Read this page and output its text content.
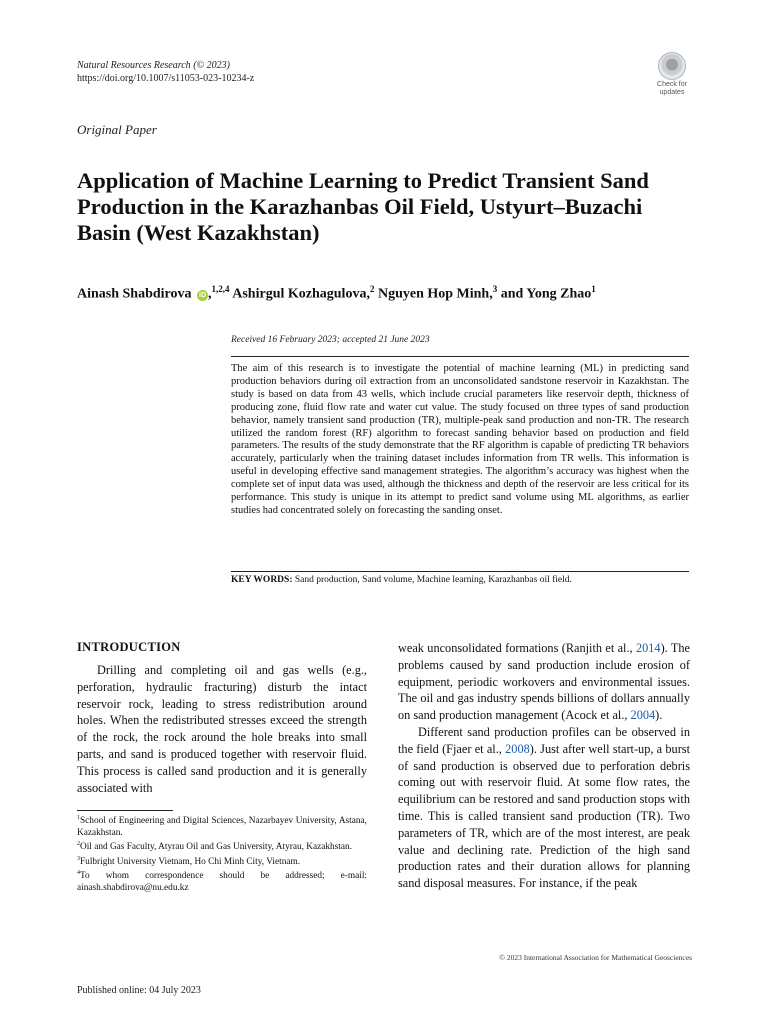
Natural Resources Research (© 2023)
https://doi.org/10.1007/s11053-023-10234-z
Check for
updates
Original Paper
Application of Machine Learning to Predict Transient Sand Production in the Karazhanbas Oil Field, Ustyurt–Buzachi Basin (West Kazakhstan)
Ainash Shabdirova iD ,$^{1,2,4}$ Ashirgul Kozhagulova,$^2$ Nguyen Hop Minh,$^3$ and Yong Zhao$^1$
Received 16 February 2023; accepted 21 June 2023
The aim of this research is to investigate the potential of machine learning (ML) in predicting sand production behaviors during oil extraction from an unconsolidated sandstone reservoir in Kazakhstan. The study is based on data from 43 wells, which include crucial parameters like reservoir depth, thickness of producing zone, fluid flow rate and water cut value. The study focused on three types of sand production behavior, namely transient sand production (TR), multiple-peak sand production and non-TR. The research utilized the random forest (RF) algorithm to forecast sanding behavior based on production and field parameters. The results of the study demonstrate that the RF algorithm is capable of predicting TR behaviors accurately, particularly when the training dataset includes information from TR wells. This information is useful in developing effective sand management strategies. The algorithm’s accuracy was highest when the complete set of input data was used, although the thickness and depth of the reservoir are less critical for its performance. This study is unique in its attempt to predict sand volume using ML algorithms, as earlier studies had concentrated solely on forecasting the sanding onset.
KEY WORDS: Sand production, Sand volume, Machine learning, Karazhanbas oil field.
INTRODUCTION

Drilling and completing oil and gas wells (e.g., perforation, hydraulic fracturing) disturb the intact reservoir rock, leading to stress redistribution around holes. When the redistributed stresses exceed the strength of the rock, the rock around the hole breaks into small parts, and sand is produced together with reservoir fluid. This process is called sand production and it is generally associated with

$^1$School of Engineering and Digital Sciences, Nazarbayev University, Astana, Kazakhstan.
$^2$Oil and Gas Faculty, Atyrau Oil and Gas University, Atyrau, Kazakhstan.
$^3$Fulbright University Vietnam, Ho Chi Minh City, Vietnam.
$^4$To whom correspondence should be addressed; e-mail: ainash.shabdirova@nu.edu.kz

weak unconsolidated formations (Ranjith et al., 2014). The problems caused by sand production include erosion of equipment, periodic workovers and environmental issues. The oil and gas industry spends billions of dollars annually on sand production management (Acock et al., 2004).

Different sand production profiles can be observed in the field (Fjaer et al., 2008). Just after well start-up, a burst of sand production is observed due to perforation debris coming out with reservoir fluid. At some flow rates, the equilibrium can be restored and sand production stops with time. This is called transient sand production (TR). Two parameters of TR, which are of the most interest, are peak value and declining rate. Prediction of the high sand production rates and their duration allows for planning sand disposal measures. For instance, if the peak

© 2023 International Association for Mathematical Geosciences
Published online: 04 July 2023
